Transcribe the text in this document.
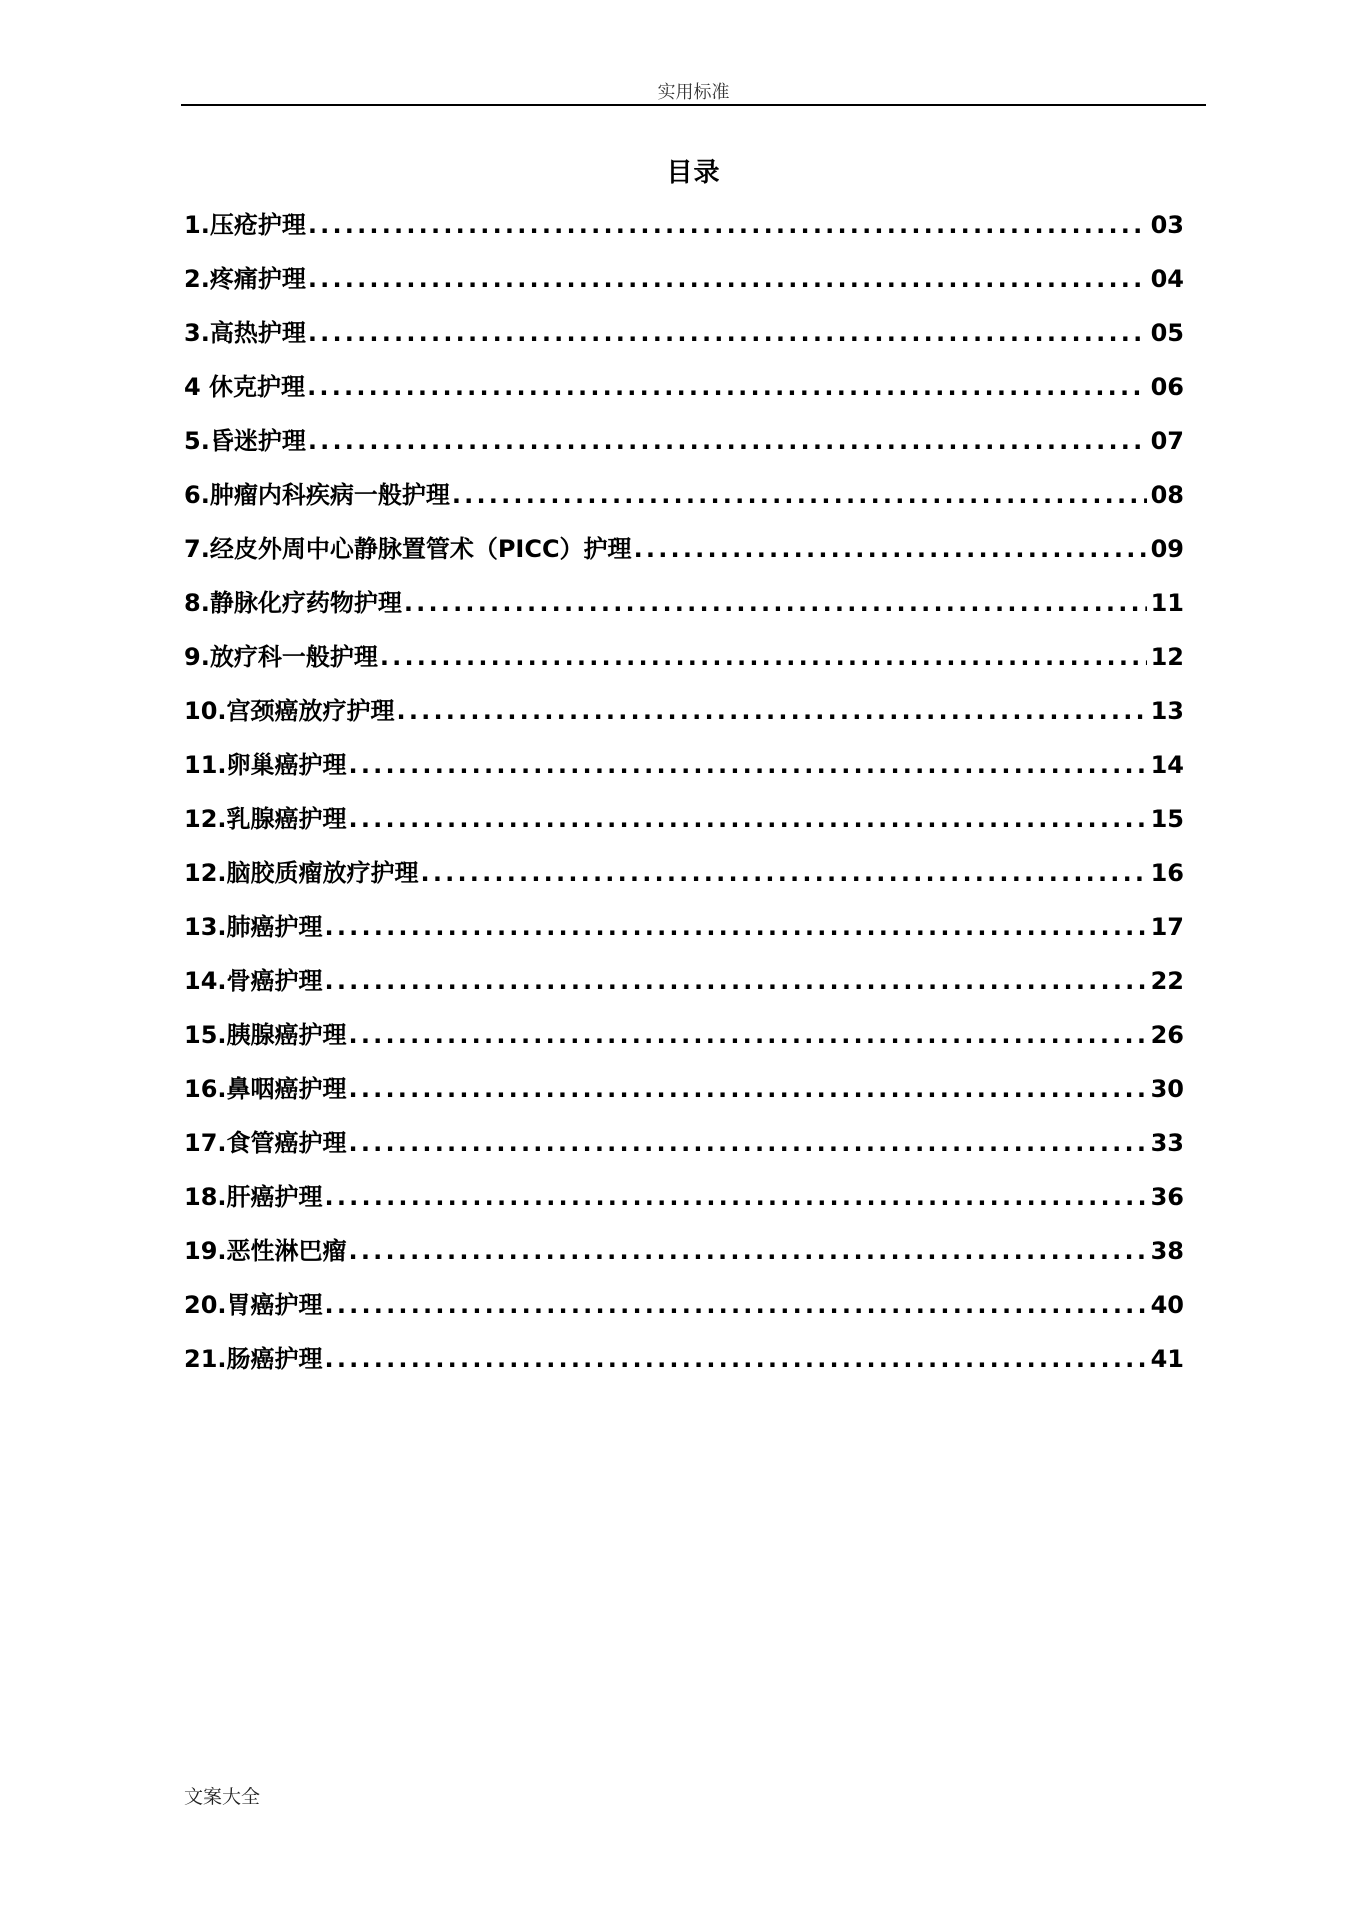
实用标准
目录
1.压疮护理 .....	03
2.疼痛护理 .....	04
3.高热护理 .....	05
4 休克护理 .....	06
5.昏迷护理 .....	07
6.肿瘤内科疾病一般护理 .....	08
7.经皮外周中心静脉置管术（PICC）护理 .....	09
8.静脉化疗药物护理 .....	11
9.放疗科一般护理 .....	12
10.宫颈癌放疗护理 .....	13
11.卵巢癌护理 .....	14
12.乳腺癌护理 .....	15
12.脑胶质瘤放疗护理 .....	16
13.肺癌护理 .....	17
14.骨癌护理 .....	22
15.胰腺癌护理 .....	26
16.鼻咽癌护理 .....	30
17.食管癌护理 .....	33
18.肝癌护理 .....	36
19.恶性淋巴瘤 .....	38
20.胃癌护理 .....	40
21.肠癌护理 .....	41
文案大全
